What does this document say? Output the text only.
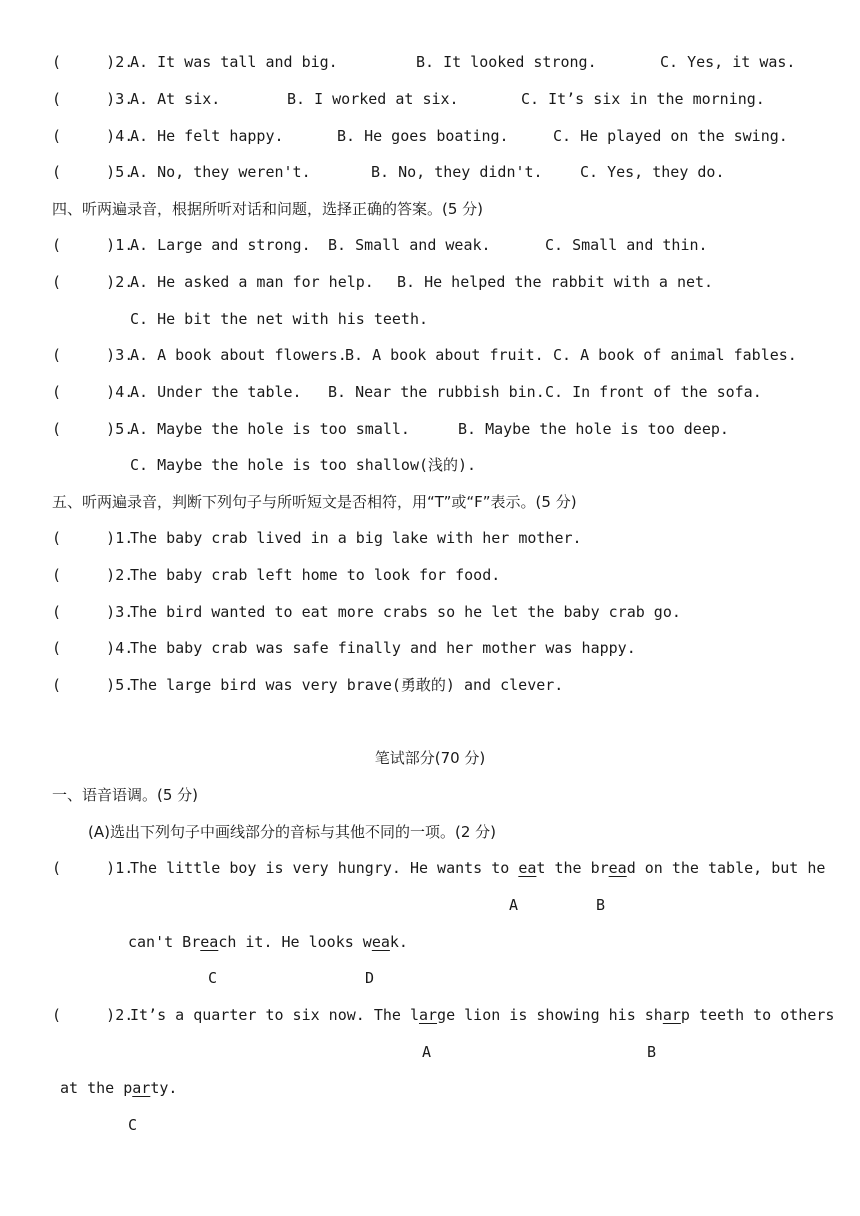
(     )2.
A. It was tall and big.	B. It looked strong.	C. Yes, it was.
(     )3.
A. At six.	B. I worked at six.	C. It’s six in the morning.
(     )4.
A. He felt happy.	B. He goes boating.	C. He played on the swing.
(     )5.
A. No, they weren't.	B. No, they didn't. C. Yes, they do.
四、听两遍录音，根据所听对话和问题，选择正确的答案。(5 分)
(     )1.
A. Large and strong. B. Small and weak.	C. Small and thin.
(     )2.
A. He asked a man for help. B. He helped the rabbit with a net.
C. He bit the net with his teeth.
(     )3.
A. A book about flowers.
B. A book about fruit. C. A book of animal fables.
(     )4.
A. Under the table. B. Near the rubbish bin. C. In front of the sofa.
(     )5.
A. Maybe the hole is too small.	B. Maybe the hole is too deep.
C. Maybe the hole is too shallow(浅的).
五、听两遍录音，判断下列句子与所听短文是否相符，用“T”或“F”表示。(5 分)
(     )1.
The baby crab lived in a big lake with her mother.
(     )2.
The baby crab left home to look for food.
(     )3.
The bird wanted to eat more crabs so he let the baby crab go.
(     )4.
The baby crab was safe finally and her mother was happy.
(     )5.
The large bird was very brave(勇敢的) and clever.
笔试部分(70 分)
一、语音语调。(5 分)
(A)选出下列句子中画线部分的音标与其他不同的一项。(2 分)
(     )1.
The little boy is very hungry. He wants to eat the bread on the table, but he
A	B
can't Breach it. He looks weak.
C	D
(     )2.
It’s a quarter to six now. The large lion is showing his sharp teeth to others
A	B
at the party.
C
